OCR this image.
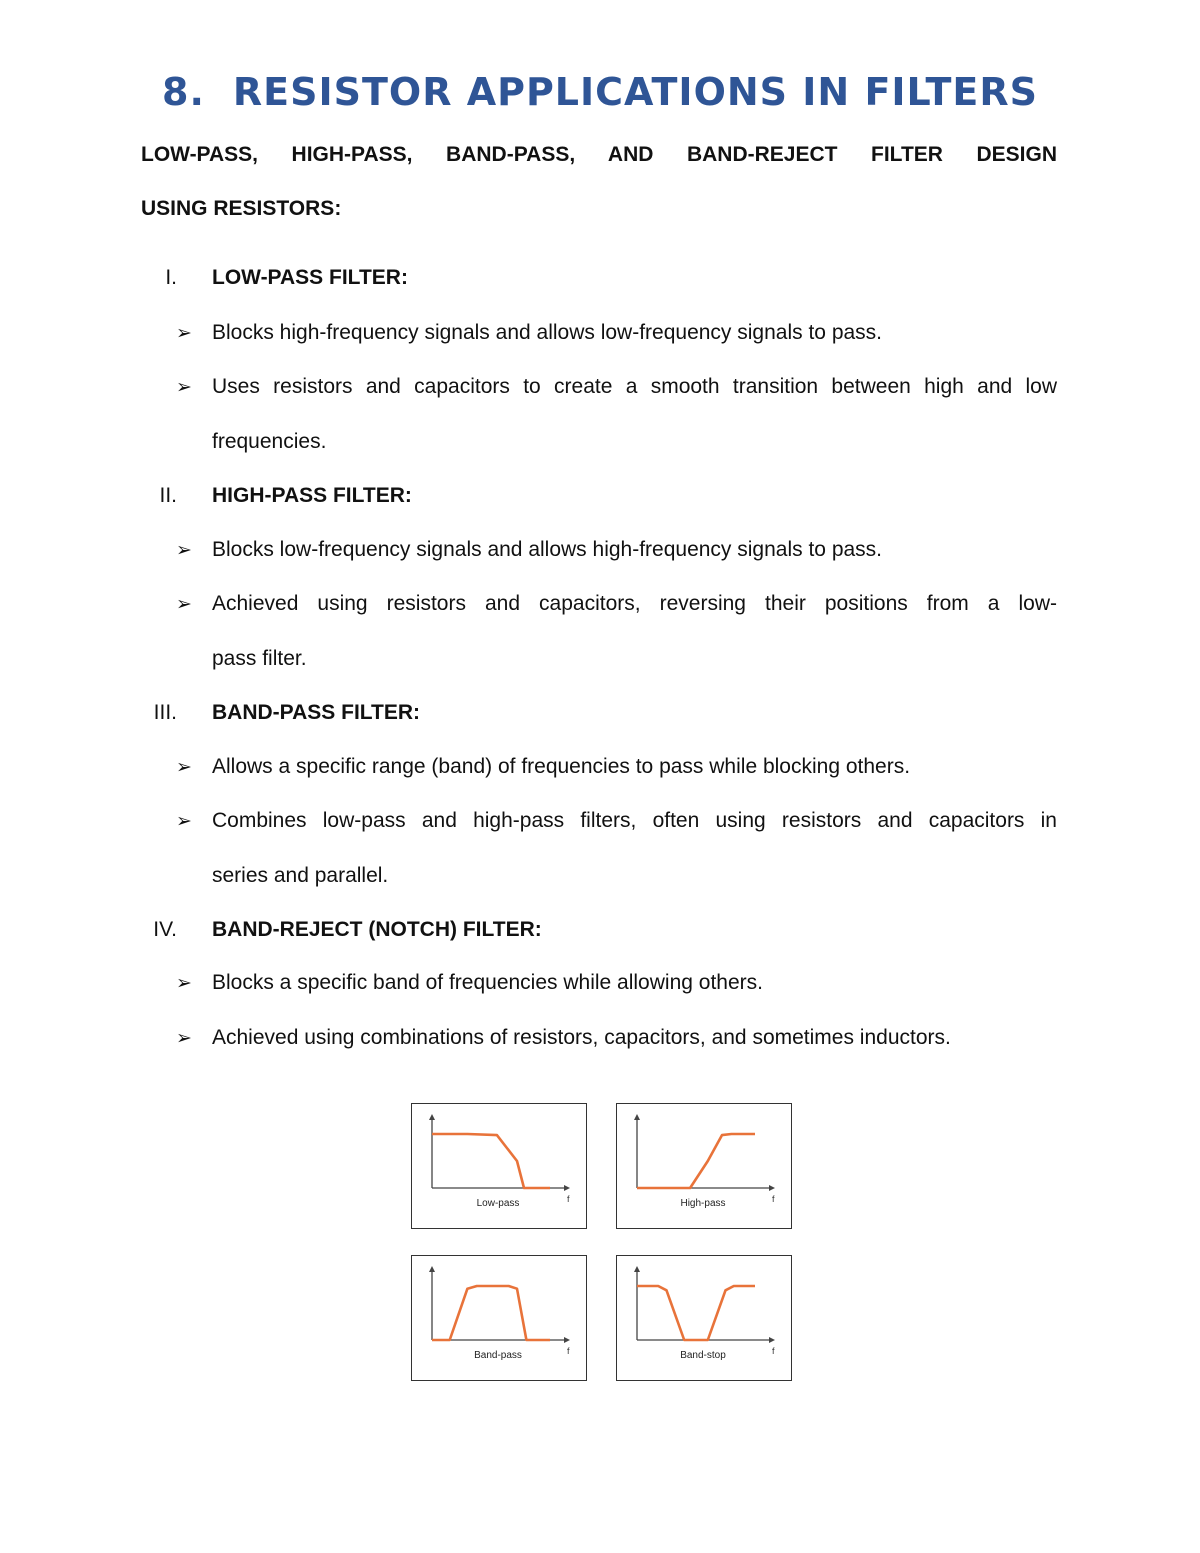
8. RESISTOR APPLICATIONS IN FILTERS

LOW-PASS, HIGH-PASS, BAND-PASS, AND BAND-REJECT FILTER DESIGN

USING RESISTORS:

I. LOW-PASS FILTER:
➢ Blocks high-frequency signals and allows low-frequency signals to pass.
➢ Uses resistors and capacitors to create a smooth transition between high and low
frequencies.
II. HIGH-PASS FILTER:
➢ Blocks low-frequency signals and allows high-frequency signals to pass.
➢ Achieved using resistors and capacitors, reversing their positions from a low-
pass filter.
III. BAND-PASS FILTER:
➢ Allows a specific range (band) of frequencies to pass while blocking others.
➢ Combines low-pass and high-pass filters, often using resistors and capacitors in
series and parallel.
IV. BAND-REJECT (NOTCH) FILTER:
➢ Blocks a specific band of frequencies while allowing others.
➢ Achieved using combinations of resistors, capacitors, and sometimes inductors.
f
Low-pass	f
High-pass
f
Band-pass	f
Band-stop
